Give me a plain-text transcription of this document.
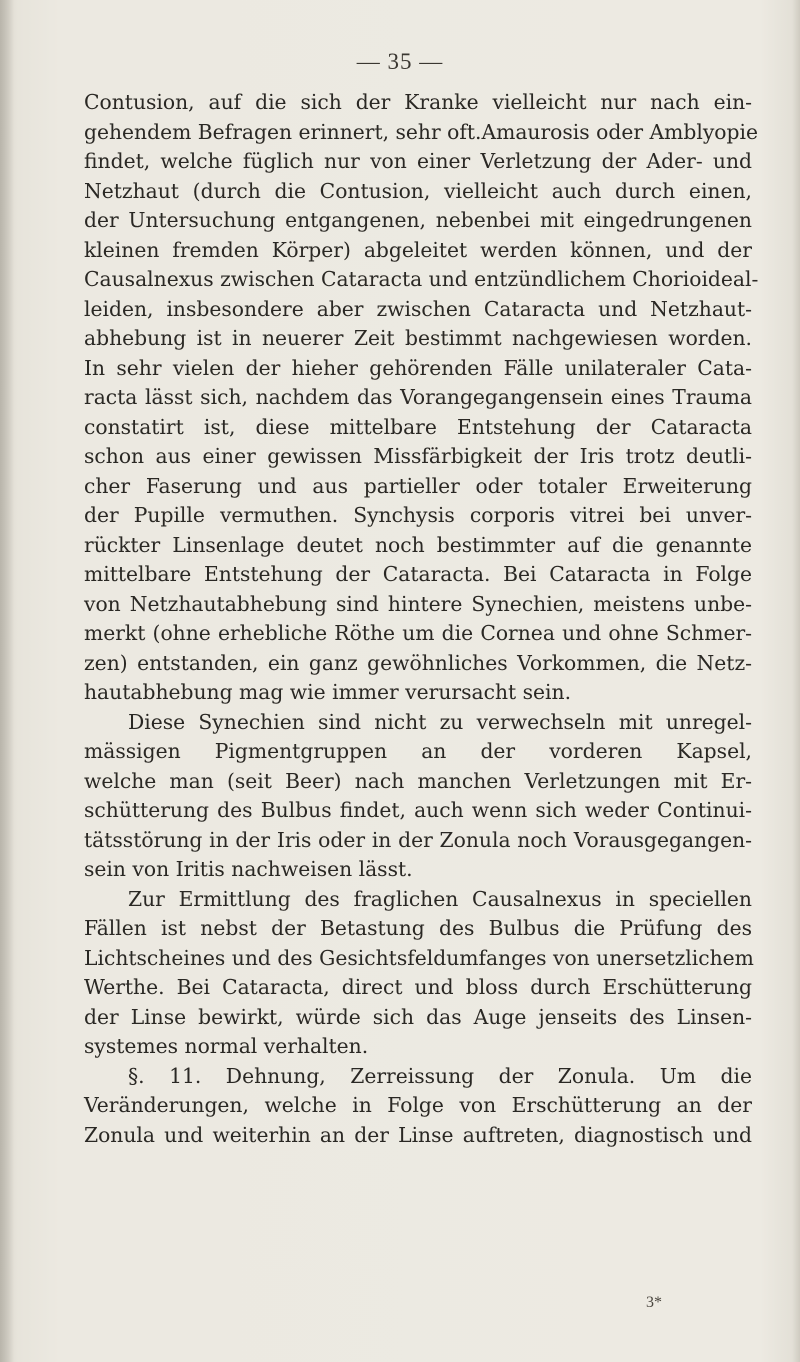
— 35 —
Contusion, auf die sich der Kranke vielleicht nur nach ein-
gehendem Befragen erinnert, sehr oft.Amaurosis oder Amblyopie
findet, welche füglich nur von einer Verletzung der Ader- und
Netzhaut (durch die Contusion, vielleicht auch durch einen,
der Untersuchung entgangenen, nebenbei mit eingedrungenen
kleinen fremden Körper) abgeleitet werden können, und der
Causalnexus zwischen Cataracta und entzündlichem Chorioideal-
leiden, insbesondere aber zwischen Cataracta und Netzhaut-
abhebung ist in neuerer Zeit bestimmt nachgewiesen worden.
In sehr vielen der hieher gehörenden Fälle unilateraler Cata-
racta lässt sich, nachdem das Vorangegangensein eines Trauma
constatirt ist, diese mittelbare Entstehung der Cataracta
schon aus einer gewissen Missfärbigkeit der Iris trotz deutli-
cher Faserung und aus partieller oder totaler Erweiterung
der Pupille vermuthen. Synchysis corporis vitrei bei unver-
rückter Linsenlage deutet noch bestimmter auf die genannte
mittelbare Entstehung der Cataracta. Bei Cataracta in Folge
von Netzhautabhebung sind hintere Synechien, meistens unbe-
merkt (ohne erhebliche Röthe um die Cornea und ohne Schmer-
zen) entstanden, ein ganz gewöhnliches Vorkommen, die Netz-
hautabhebung mag wie immer verursacht sein.
Diese Synechien sind nicht zu verwechseln mit unregel-
mässigen Pigmentgruppen an der vorderen Kapsel,
welche man (seit Beer) nach manchen Verletzungen mit Er-
schütterung des Bulbus findet, auch wenn sich weder Continui-
tätsstörung in der Iris oder in der Zonula noch Vorausgegangen-
sein von Iritis nachweisen lässt.
Zur Ermittlung des fraglichen Causalnexus in speciellen
Fällen ist nebst der Betastung des Bulbus die Prüfung des
Lichtscheines und des Gesichtsfeldumfanges von unersetzlichem
Werthe. Bei Cataracta, direct und bloss durch Erschütterung
der Linse bewirkt, würde sich das Auge jenseits des Linsen-
systemes normal verhalten.
§. 11. Dehnung, Zerreissung der Zonula. Um die
Veränderungen, welche in Folge von Erschütterung an der
Zonula und weiterhin an der Linse auftreten, diagnostisch und
3*
